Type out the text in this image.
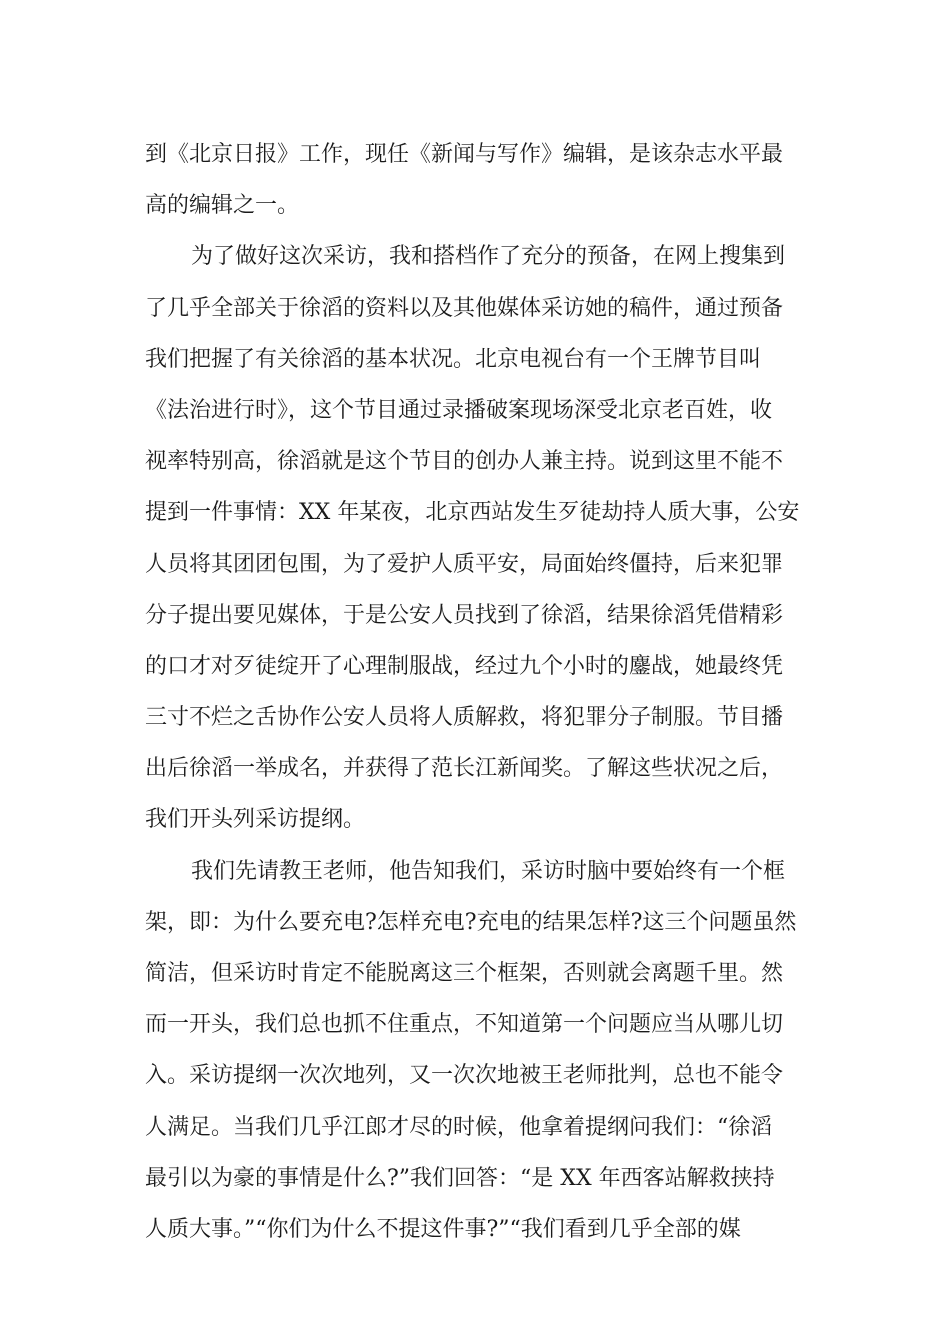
到《北京日报》工作，现任《新闻与写作》编辑，是该杂志水平最
高的编辑之一。
为了做好这次采访，我和搭档作了充分的预备，在网上搜集到
了几乎全部关于徐滔的资料以及其他媒体采访她的稿件，通过预备
我们把握了有关徐滔的基本状况。北京电视台有一个王牌节目叫
《法治进行时》，这个节目通过录播破案现场深受北京老百姓，收
视率特别高，徐滔就是这个节目的创办人兼主持。说到这里不能不
提到一件事情：XX 年某夜，北京西站发生歹徒劫持人质大事，公安
人员将其团团包围，为了爱护人质平安，局面始终僵持，后来犯罪
分子提出要见媒体，于是公安人员找到了徐滔，结果徐滔凭借精彩
的口才对歹徒绽开了心理制服战，经过九个小时的鏖战，她最终凭
三寸不烂之舌协作公安人员将人质解救，将犯罪分子制服。节目播
出后徐滔一举成名，并获得了范长江新闻奖。了解这些状况之后，
我们开头列采访提纲。
我们先请教王老师，他告知我们，采访时脑中要始终有一个框
架，即：为什么要充电?怎样充电?充电的结果怎样?这三个问题虽然
简洁，但采访时肯定不能脱离这三个框架，否则就会离题千里。然
而一开头，我们总也抓不住重点，不知道第一个问题应当从哪儿切
入。采访提纲一次次地列，又一次次地被王老师批判，总也不能令
人满足。当我们几乎江郎才尽的时候，他拿着提纲问我们：“徐滔
最引以为豪的事情是什么?”我们回答：“是 XX 年西客站解救挟持
人质大事。”“你们为什么不提这件事?”“我们看到几乎全部的媒
